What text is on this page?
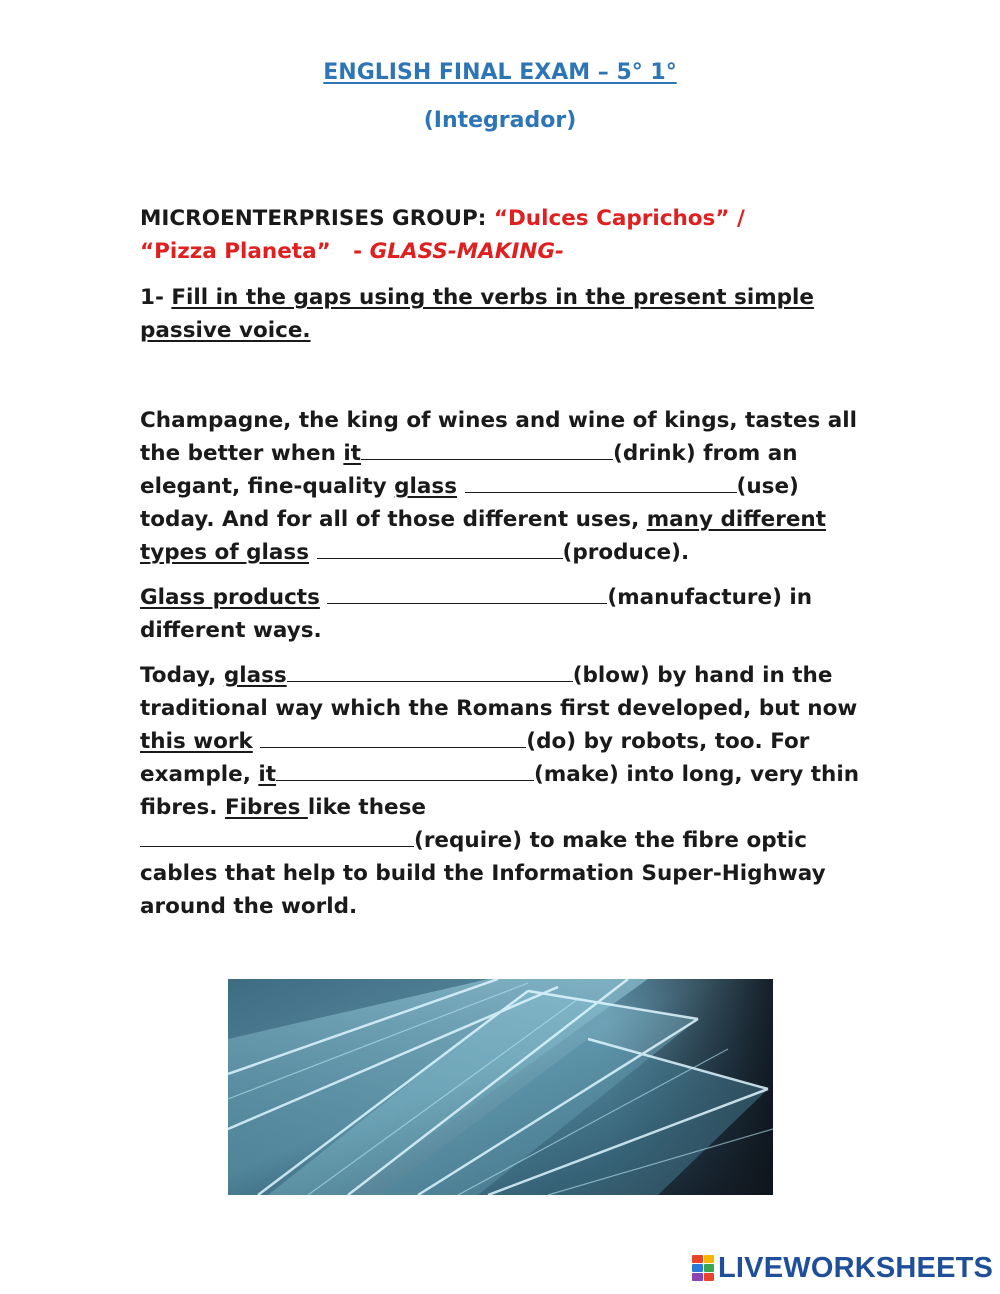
ENGLISH FINAL EXAM – 5° 1°
(Integrador)
MICROENTERPRISES GROUP: “Dulces Caprichos” /
“Pizza Planeta”   - GLASS-MAKING-
1- Fill in the gaps using the verbs in the present simple passive voice.
Champagne, the king of wines and wine of kings, tastes all the better when it	(drink) from an elegant, fine-quality glass	(use) today. And for all of those different uses, many different types of glass	(produce).
Glass products	(manufacture) in different ways.
Today, glass	(blow) by hand in the traditional way which the Romans first developed, but now this work	(do) by robots, too. For example, it	(make) into long, very thin fibres. Fibres like these
(require) to make the fibre optic cables that help to build the Information Super-Highway around the world.
LIVEWORKSHEETS
